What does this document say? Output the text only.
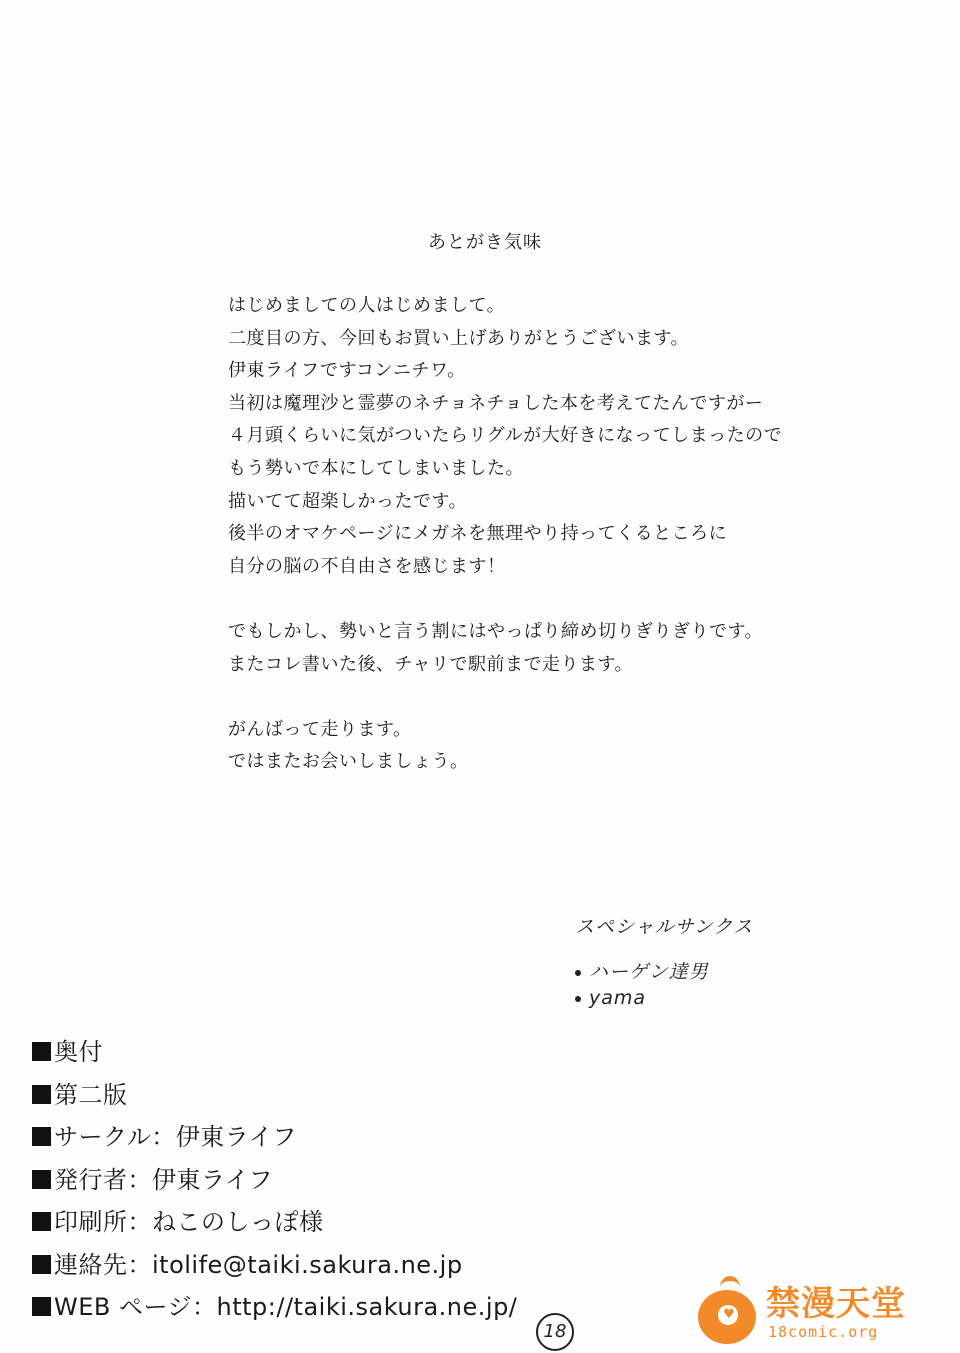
あとがき気味
はじめましての人はじめまして。
二度目の方、今回もお買い上げありがとうございます。
伊東ライフですコンニチワ。
当初は魔理沙と霊夢のネチョネチョした本を考えてたんですがー
４月頭くらいに気がついたらリグルが大好きになってしまったので
もう勢いで本にしてしまいました。
描いてて超楽しかったです。
後半のオマケページにメガネを無理やり持ってくるところに
自分の脳の不自由さを感じます！
でもしかし、勢いと言う割にはやっぱり締め切りぎりぎりです。
またコレ書いた後、チャリで駅前まで走ります。
がんばって走ります。
ではまたお会いしましょう。
スペシャルサンクス
ハーゲン達男
yama
奥付
第二版
サークル：伊東ライフ
発行者：伊東ライフ
印刷所：ねこのしっぽ様
連絡先：itolife@taiki.sakura.ne.jp
WEB ページ：http://taiki.sakura.ne.jp/
18
♥ 禁漫天堂
18comic.org
